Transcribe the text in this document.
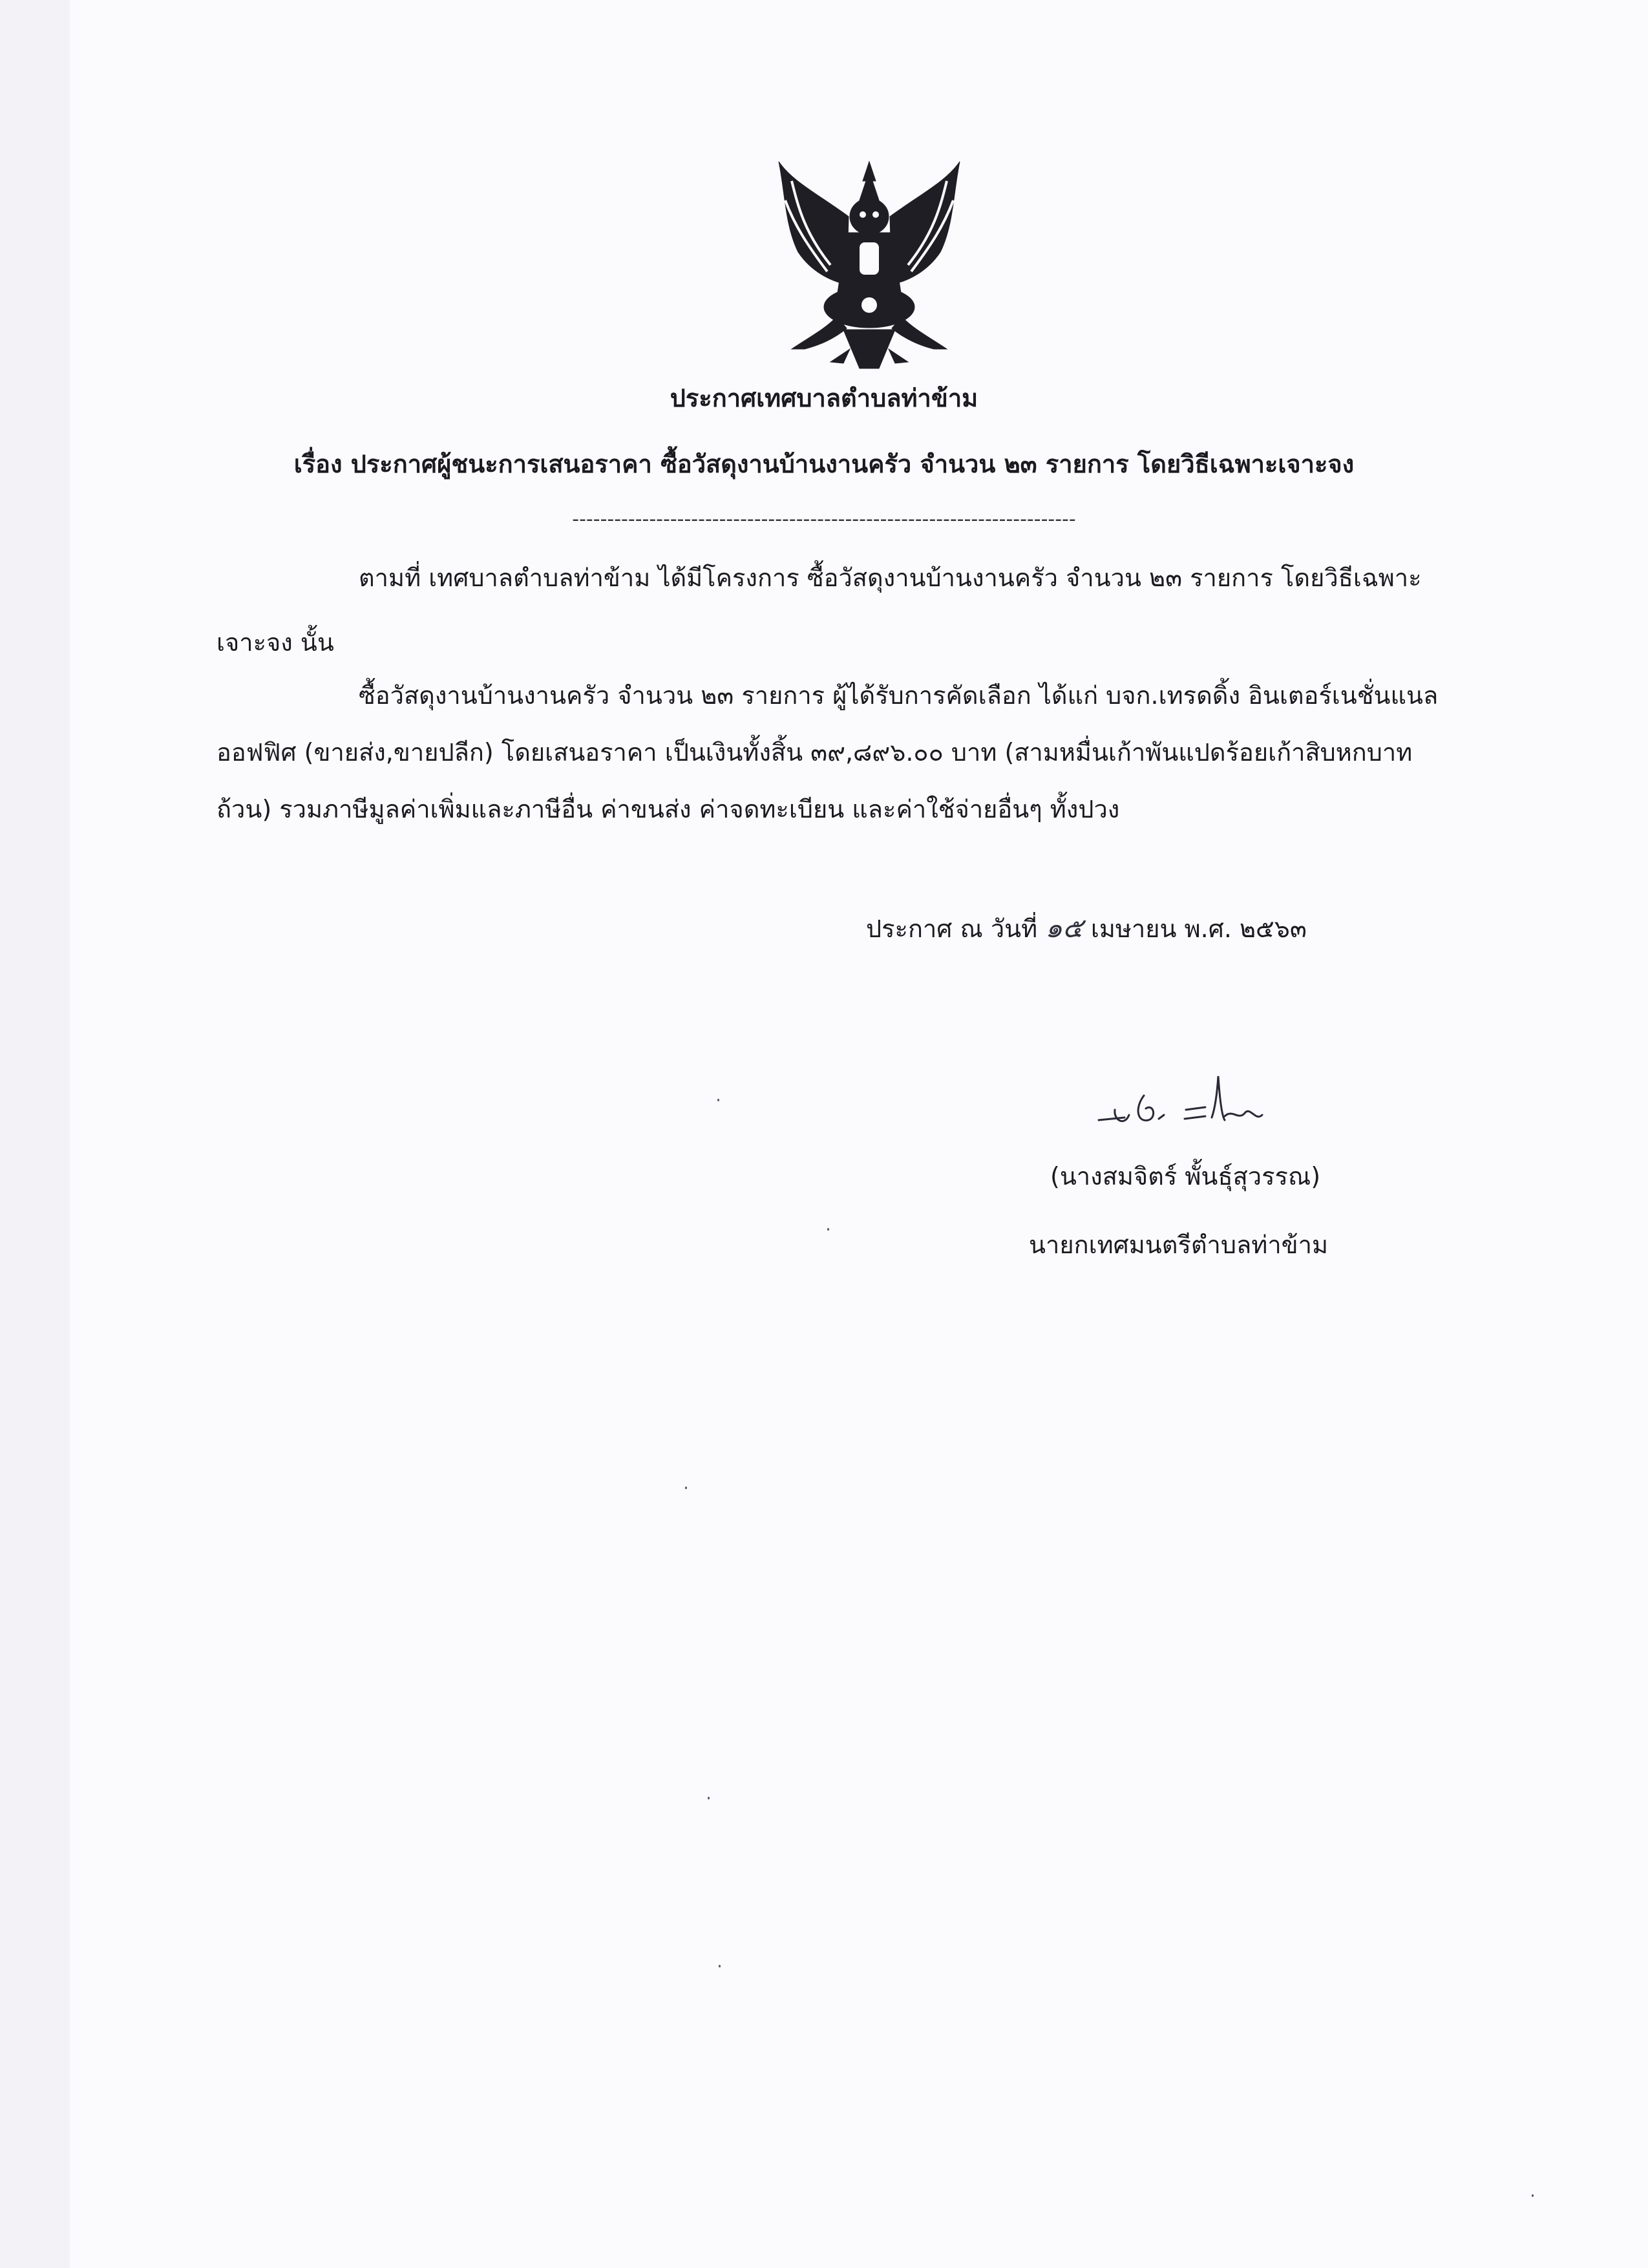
ประกาศเทศบาลตำบลท่าข้าม
เรื่อง ประกาศผู้ชนะการเสนอราคา ซื้อวัสดุงานบ้านงานครัว จำนวน ๒๓ รายการ โดยวิธีเฉพาะเจาะจง
------------------------------------------------------------------------
ตามที่ เทศบาลตำบลท่าข้าม ได้มีโครงการ ซื้อวัสดุงานบ้านงานครัว จำนวน ๒๓ รายการ โดยวิธีเฉพาะ
เจาะจง นั้น
ซื้อวัสดุงานบ้านงานครัว จำนวน ๒๓ รายการ ผู้ได้รับการคัดเลือก ได้แก่ บจก.เทรดดิ้ง อินเตอร์เนชั่นแนล
ออฟฟิศ (ขายส่ง,ขายปลีก) โดยเสนอราคา เป็นเงินทั้งสิ้น ๓๙,๘๙๖.๐๐ บาท (สามหมื่นเก้าพันแปดร้อยเก้าสิบหกบาท
ถ้วน) รวมภาษีมูลค่าเพิ่มและภาษีอื่น ค่าขนส่ง ค่าจดทะเบียน และค่าใช้จ่ายอื่นๆ ทั้งปวง
ประกาศ ณ วันที่ ๑๕ เมษายน พ.ศ. ๒๕๖๓
(นางสมจิตร์ พั้นธุ์สุวรรณ)
นายกเทศมนตรีตำบลท่าข้าม
